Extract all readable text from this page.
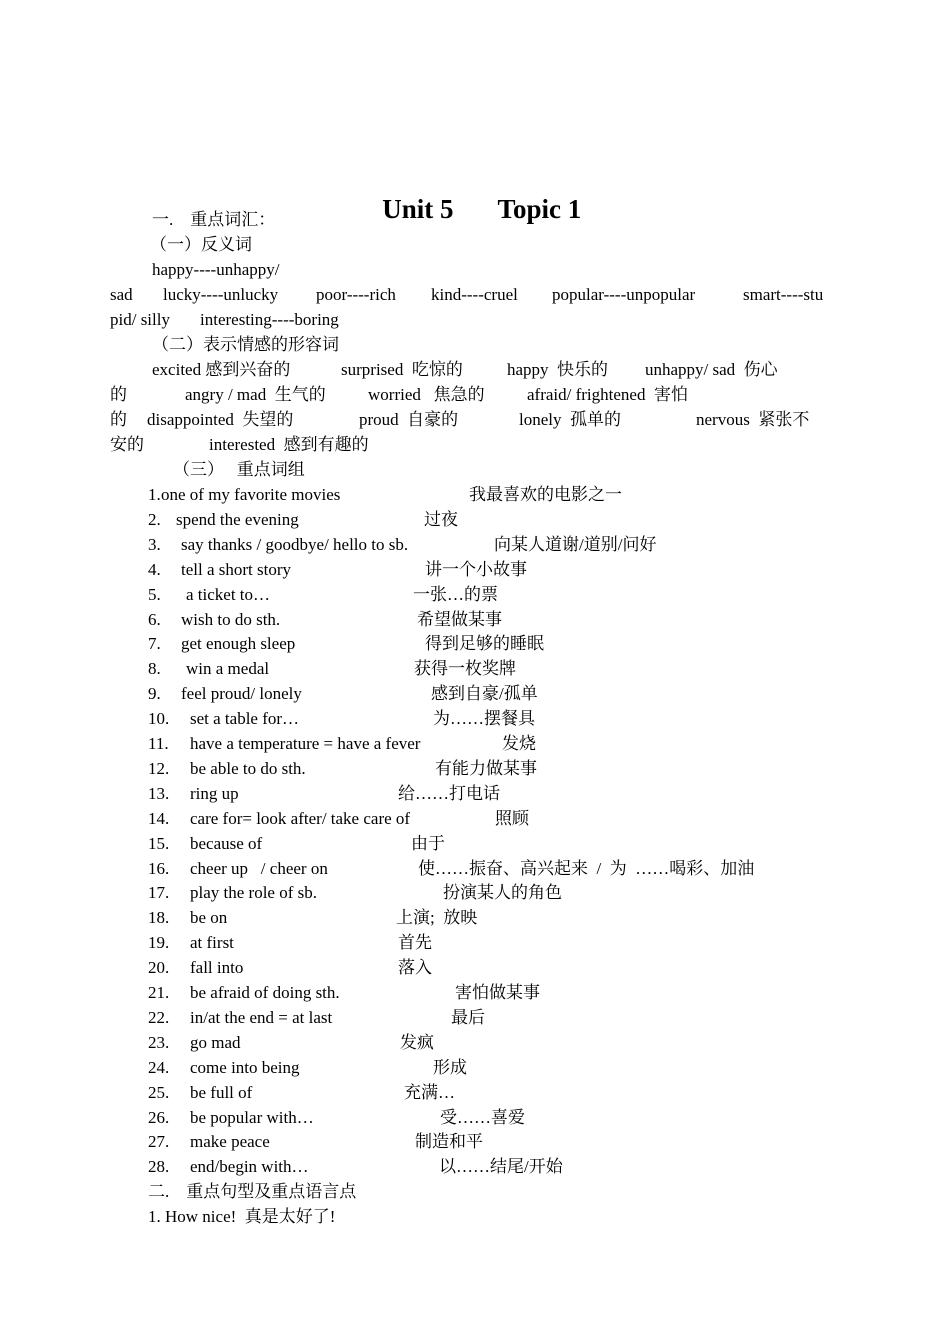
Unit 5 Topic 1

一.    重点词汇：
（一）反义词
happy----unhappy/
sad lucky----unlucky poor----rich kind----cruel popular----unpopular	smart----stu
pid/ silly interesting----boring
（二）表示情感的形容词
excited 感到兴奋的	surprised  吃惊的	happy  快乐的 unhappy/ sad  伤心
的	angry / mad  生气的 worried   焦急的 afraid/ frightened  害怕
的 disappointed  失望的	proud  自豪的	lonely  孤单的	nervous  紧张不
安的	interested  感到有趣的
（三）   重点词组
1. one of my favorite movies	我最喜欢的电影之一
2. spend the evening	过夜
3. say thanks / goodbye/ hello to sb.	向某人道谢/道别/问好
4. tell a short story	讲一个小故事
5. a ticket to…	一张…的票
6. wish to do sth.	希望做某事
7. get enough sleep	得到足够的睡眠
8. win a medal	获得一枚奖牌
9. feel proud/ lonely	感到自豪/孤单
10. set a table for…	为……摆餐具
11. have a temperature = have a fever	发烧
12. be able to do sth.	有能力做某事
13. ring up	给……打电话
14. care for= look after/ take care of	照顾
15. because of	由于
16. cheer up   / cheer on	使……振奋、高兴起来  /  为  ……喝彩、加油
17. play the role of sb.	扮演某人的角色
18. be on	上演;  放映
19. at first	首先
20. fall into	落入
21. be afraid of doing sth.	害怕做某事
22. in/at the end = at last	最后
23. go mad	发疯
24. come into being	形成
25. be full of	充满…
26. be popular with…	受……喜爱
27. make peace	制造和平
28. end/begin with…	以……结尾/开始
二.    重点句型及重点语言点
1. How nice!  真是太好了!
